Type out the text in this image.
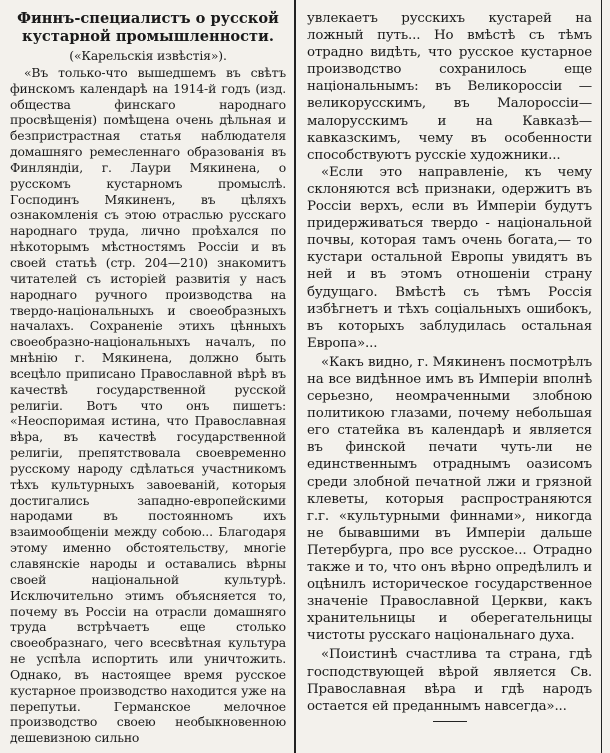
Финнъ-специалистъ о русской
кустарной промышленности.
(«Карельскія извѣстія»).

«Въ только-что вышедшемъ въ свѣтъ финскомъ календарѣ на 1914-й годъ (изд. общества финскаго народнаго просвѣщенія) помѣщена очень дѣльная и безпристрастная статья наблюдателя домашняго ремесленнаго образованія въ Финляндіи, г. Лаури Мякинена, о русскомъ кустарномъ промыслѣ. Господинъ Мякиненъ, въ цѣляхъ ознакомленія съ этою отраслью русскаго народнаго труда, лично проѣхался по нѣкоторымъ мѣстностямъ Россіи и въ своей статьѣ (стр. 204—210) знакомитъ читателей съ исторіей развитія у насъ народнаго ручного производства на твердо-національныхъ и своеобразныхъ началахъ. Сохраненіе этихъ цѣнныхъ своеобразно-національныхъ началъ, по мнѣнію г. Мякинена, должно быть всецѣло приписано Православной вѣрѣ въ качествѣ государственной русской религіи. Вотъ что онъ пишетъ: «Неоспоримая истина, что Православная вѣра, въ качествѣ государственной религіи, препятствовала своевременно русскому народу сдѣлаться участникомъ тѣхъ культурныхъ завоеваній, которыя достигались западно-европейскими народами въ постоянномъ ихъ взаимообщеніи между собою... Благодаря этому именно обстоятельству, многіе славянскіе народы и оставались вѣрны своей національной культурѣ. Исключительно этимъ объясняется то, почему въ Россіи на отрасли домашняго труда встрѣчаетъ еще столько своеобразнаго, чего всесвѣтная культура не успѣла испортить или уничтожить. Однако, въ настоящее время русское кустарное производство находится уже на перепутьи. Германское мелочное производство своею необыкновенною дешевизною сильно

увлекаетъ русскихъ кустарей на ложный путь... Но вмѣстѣ съ тѣмъ отрадно видѣть, что русское кустарное производство сохранилось еще національнымъ: въ Великороссіи — великорусскимъ, въ Малороссіи—малорусскимъ и на Кавказѣ—кавказскимъ, чему въ особенности способствуютъ русскіе художники...

«Если это направленіе, къ чему склоняются всѣ признаки, одержитъ въ Россіи верхъ, если въ Имперіи будутъ придерживаться твердо - національной почвы, которая тамъ очень богата,— то кустари остальной Европы увидятъ въ ней и въ этомъ отношеніи страну будущаго. Вмѣстѣ съ тѣмъ Россія избѣгнетъ и тѣхъ соціальныхъ ошибокъ, въ которыхъ заблудилась остальная Европа»...

«Какъ видно, г. Мякиненъ посмотрѣлъ на все видѣнное имъ въ Имперіи вполнѣ серьезно, неомраченными злобною политикою глазами, почему небольшая его статейка въ календарѣ и является въ финской печати чуть-ли не единственнымъ отраднымъ оазисомъ среди злобной печатной лжи и грязной клеветы, которыя распространяются г.г. «культурными финнами», никогда не бывавшими въ Имперіи дальше Петербурга, про все русское... Отрадно также и то, что онъ вѣрно опредѣлилъ и оцѣнилъ историческое государственное значеніе Православной Церкви, какъ хранительницы и оберегательницы чистоты русскаго національнаго духа.

«Поистинѣ счастлива та страна, гдѣ господствующей вѣрой является Св. Православная вѣра и гдѣ народъ остается ей преданнымъ навсегда»...
